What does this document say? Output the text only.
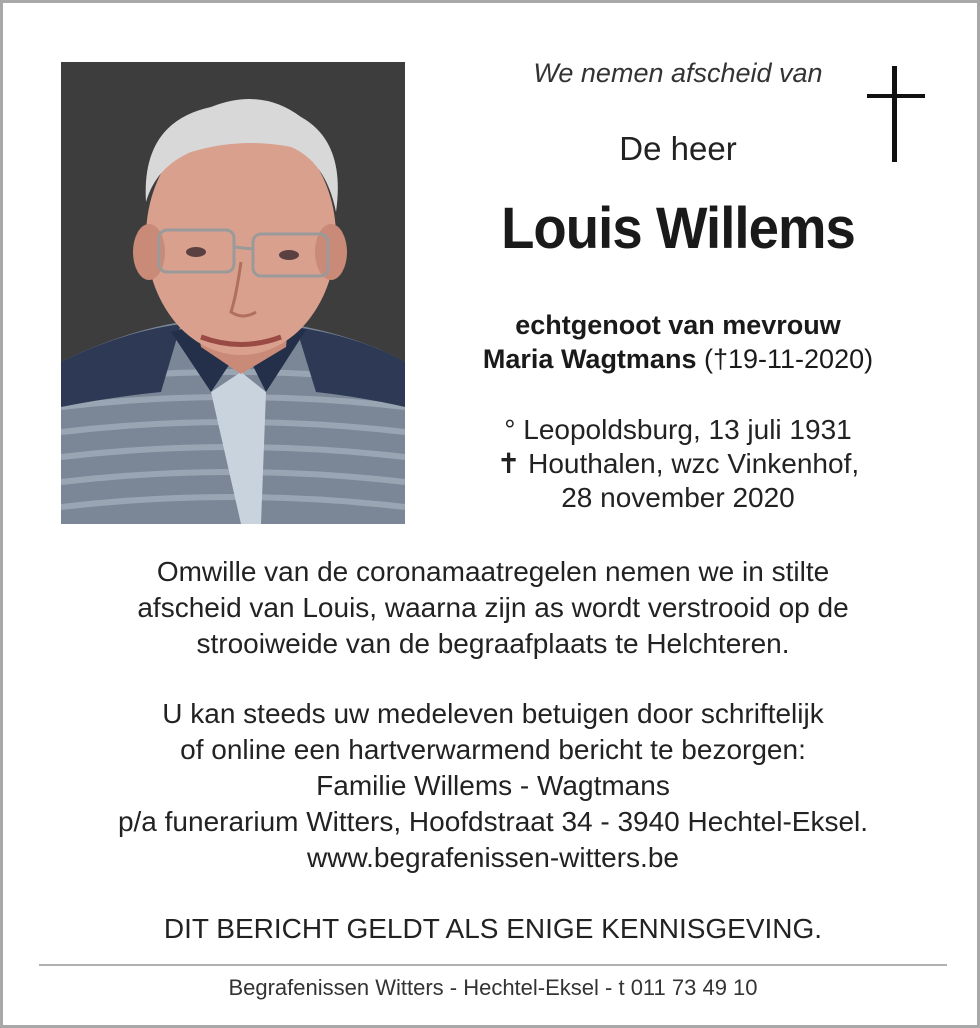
We nemen afscheid van
De heer
Louis Willems
echtgenoot van mevrouw
Maria Wagtmans (†19-11-2020)
° Leopoldsburg, 13 juli 1931
✝ Houthalen, wzc Vinkenhof,
28 november 2020
Omwille van de coronamaatregelen nemen we in stilte
afscheid van Louis, waarna zijn as wordt verstrooid op de
strooiweide van de begraafplaats te Helchteren.
U kan steeds uw medeleven betuigen door schriftelijk
of online een hartverwarmend bericht te bezorgen:
Familie Willems - Wagtmans
p/a funerarium Witters, Hoofdstraat 34 - 3940 Hechtel-Eksel.
www.begrafenissen-witters.be
DIT BERICHT GELDT ALS ENIGE KENNISGEVING.
Begrafenissen Witters - Hechtel-Eksel - t 011 73 49 10
